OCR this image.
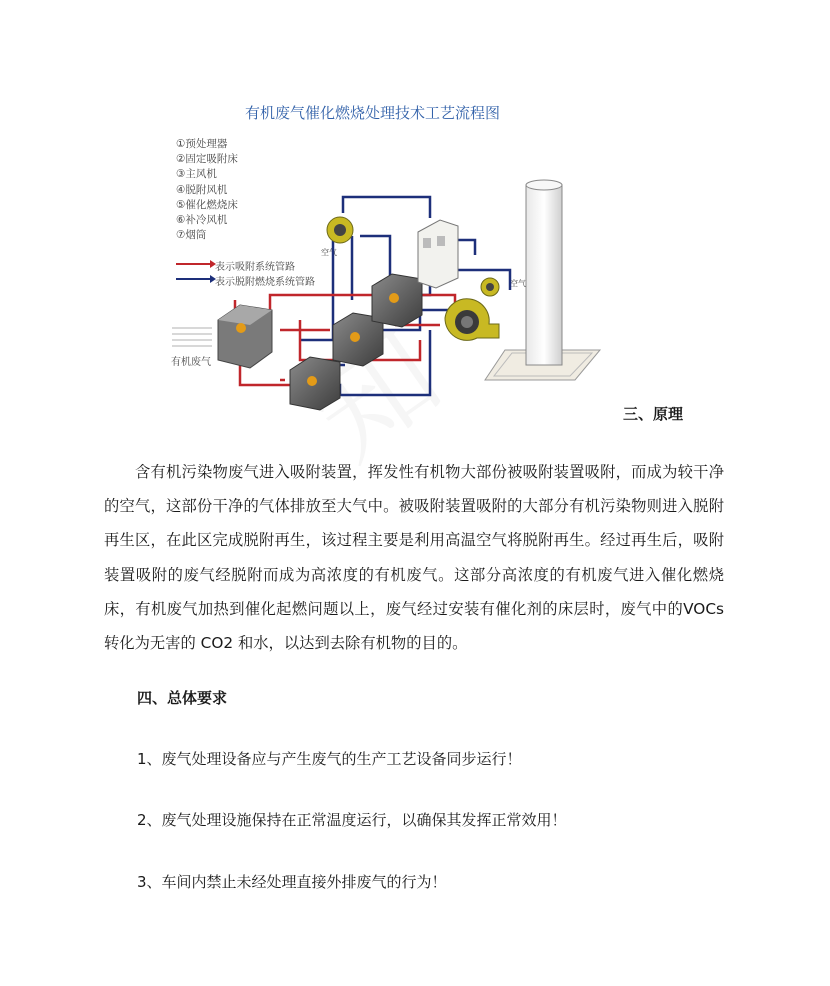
有机废气催化燃烧处理技术工艺流程图
①预处理器
②固定吸附床
③主风机
④脱附风机
⑤催化燃烧床
⑥补冷风机
⑦烟筒
表示吸附系统管路
表示脱附燃烧系统管路
空气
空气
有机废气
三、原理
含有机污染物废气进入吸附装置，挥发性有机物大部份被吸附装置吸附，而成为较干净的空气，这部份干净的气体排放至大气中。被吸附装置吸附的大部分有机污染物则进入脱附再生区，在此区完成脱附再生，该过程主要是利用高温空气将脱附再生。经过再生后，吸附装置吸附的废气经脱附而成为高浓度的有机废气。这部分高浓度的有机废气进入催化燃烧床，有机废气加热到催化起燃问题以上，废气经过安装有催化剂的床层时，废气中的VOCs 转化为无害的 CO2 和水，以达到去除有机物的目的。
四、总体要求
1、废气处理设备应与产生废气的生产工艺设备同步运行！
2、废气处理设施保持在正常温度运行，以确保其发挥正常效用！
3、车间内禁止未经处理直接外排废气的行为！
